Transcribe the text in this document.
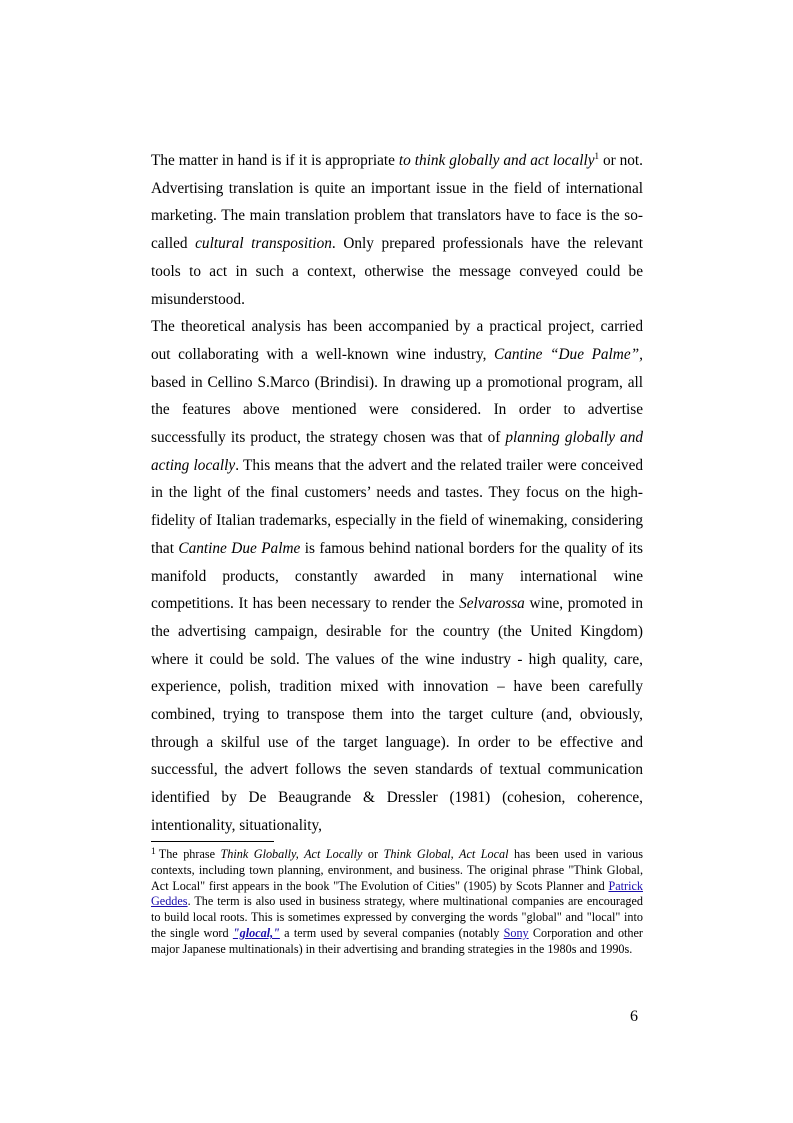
The matter in hand is if it is appropriate to think globally and act locally$^1$ or not. Advertising translation is quite an important issue in the field of international marketing. The main translation problem that translators have to face is the so-called cultural transposition. Only prepared professionals have the relevant tools to act in such a context, otherwise the message conveyed could be misunderstood.

The theoretical analysis has been accompanied by a practical project, carried out collaborating with a well-known wine industry, Cantine “Due Palme”, based in Cellino S.Marco (Brindisi). In drawing up a promotional program, all the features above mentioned were considered. In order to advertise successfully its product, the strategy chosen was that of planning globally and acting locally. This means that the advert and the related trailer were conceived in the light of the final customers’ needs and tastes. They focus on the high-fidelity of Italian trademarks, especially in the field of winemaking, considering that Cantine Due Palme is famous behind national borders for the quality of its manifold products, constantly awarded in many international wine competitions. It has been necessary to render the Selvarossa wine, promoted in the advertising campaign, desirable for the country (the United Kingdom) where it could be sold. The values of the wine industry - high quality, care, experience, polish, tradition mixed with innovation – have been carefully combined, trying to transpose them into the target culture (and, obviously, through a skilful use of the target language). In order to be effective and successful, the advert follows the seven standards of textual communication identified by De Beaugrande & Dressler (1981) (cohesion, coherence, intentionality, situationality,

$^1$ The phrase Think Globally, Act Locally or Think Global, Act Local has been used in various contexts, including town planning, environment, and business. The original phrase "Think Global, Act Local" first appears in the book "The Evolution of Cities" (1905) by Scots Planner and Patrick Geddes. The term is also used in business strategy, where multinational companies are encouraged to build local roots. This is sometimes expressed by converging the words "global" and "local" into the single word "glocal," a term used by several companies (notably Sony Corporation and other major Japanese multinationals) in their advertising and branding strategies in the 1980s and 1990s.
6
